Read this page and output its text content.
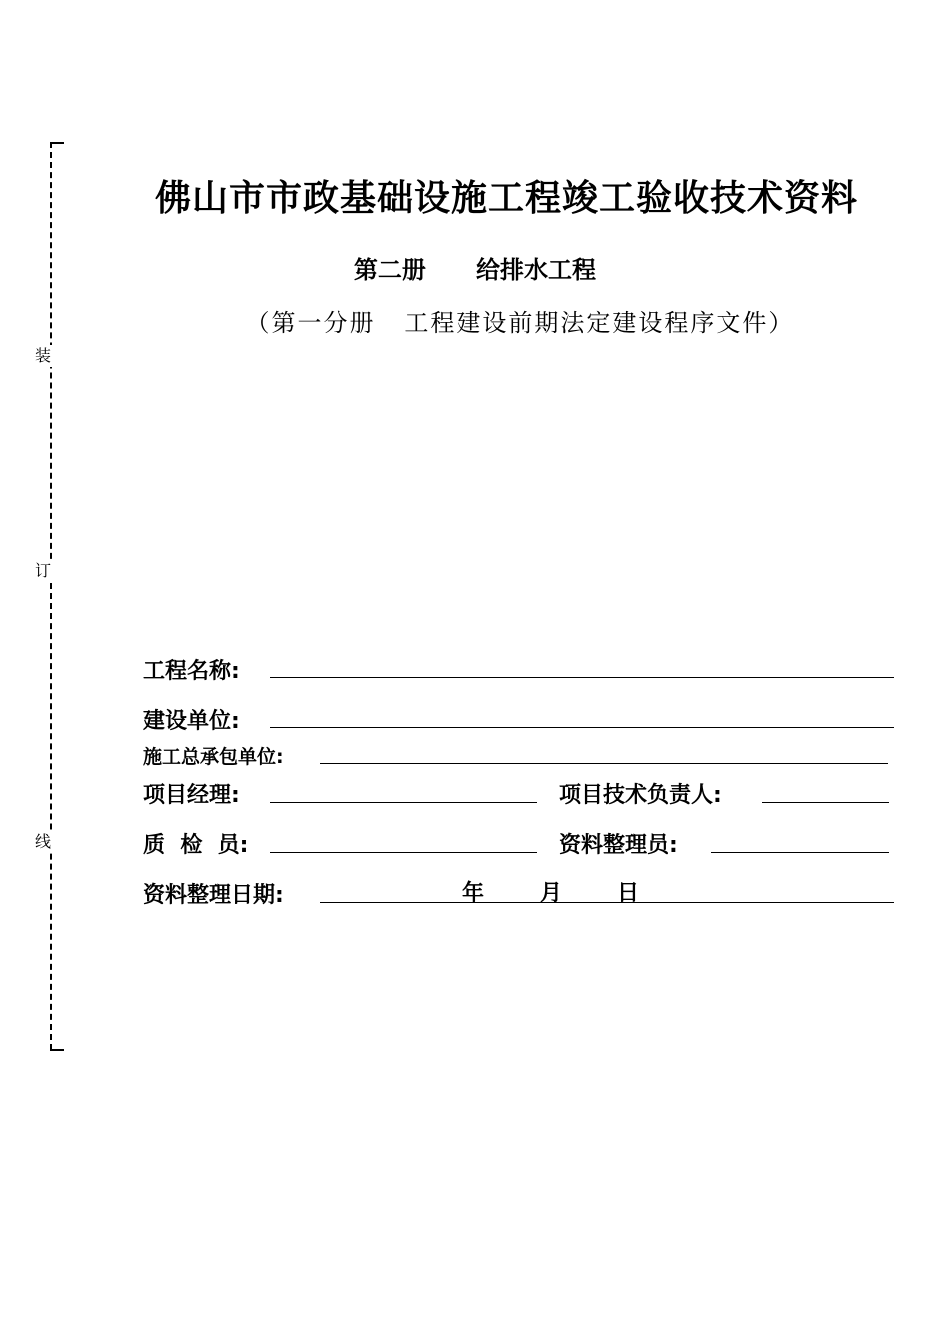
装
订
线
佛山市市政基础设施工程竣工验收技术资料
第二册      给排水工程
（第一分册   工程建设前期法定建设程序文件）
工程名称:
建设单位:
施工总承包单位:
项目经理:	项目技术负责人:
质  检  员:	资料整理员:
资料整理日期:	年	月 日
